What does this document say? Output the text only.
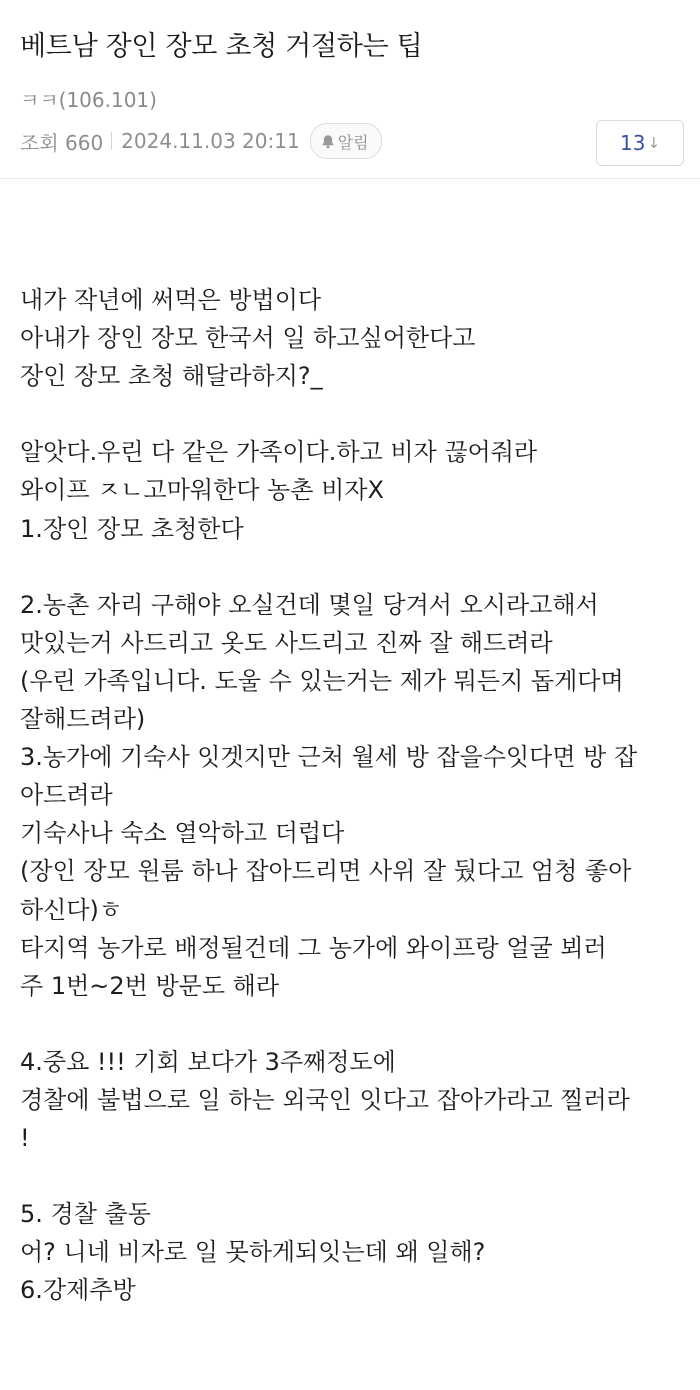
베트남 장인 장모 초청 거절하는 팁
ㅋㅋ(106.101)
조회 660 2024.11.03 20:11 알림	13 ↓
내가 작년에 써먹은 방법이다
아내가 장인 장모 한국서 일 하고싶어한다고
장인 장모 초청 해달라하지?_
알앗다.우린 다 같은 가족이다.하고 비자 끊어줘라
와이프 ㅈㄴ고마워한다 농촌 비자X
1.장인 장모 초청한다
2.농촌 자리 구해야 오실건데 몇일 당겨서 오시라고해서
맛있는거 사드리고 옷도 사드리고 진짜 잘 해드려라
(우린 가족입니다. 도울 수 있는거는 제가 뭐든지 돕게다며
잘해드려라)
3.농가에 기숙사 잇겟지만 근처 월세 방 잡을수잇다면 방 잡
아드려라
기숙사나 숙소 열악하고 더럽다
(장인 장모 원룸 하나 잡아드리면 사위 잘 뒀다고 엄청 좋아
하신다)ㅎ
타지역 농가로 배정될건데 그 농가에 와이프랑 얼굴 뵈러
주 1번~2번 방문도 해라
4.중요 !!! 기회 보다가 3주째정도에
경찰에 불법으로 일 하는 외국인 잇다고 잡아가라고 찔러라
!
5. 경찰 출동
어? 니네 비자로 일 못하게되잇는데 왜 일해?
6.강제추방
